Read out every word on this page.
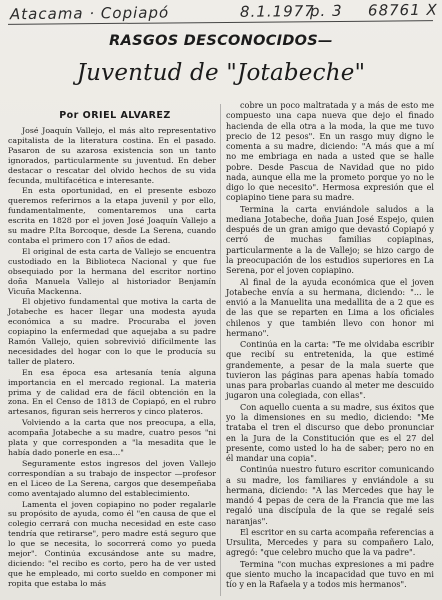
Atacama · Copiapó	8.1.1977
p. 3 68761 X
RASGOS DESCONOCIDOS—
Juventud de "Jotabeche"
Por ORIEL ALVAREZ

José Joaquín Vallejo, el más alto representativo capitalista de la literatura costina. En el pasado. Pasaron de su azarosa existencia son un tanto ignorados, particularmente su juventud. En deber destacar o rescatar del olvido hechos de su vida fecunda, multifacética e interesante.

En esta oportunidad, en el presente esbozo queremos referirnos a la etapa juvenil y por ello, fundamentalmente, comentaremos una carta escrita en 1828 por el joven José Joaquín Vallejo a su madre P.Ita Borcoque, desde La Serena, cuando contaba el primero con 17 años de edad.

El original de esta carta de Vallejo se encuentra custodiado en la Biblioteca Nacional y que fue obsequiado por la hermana del escritor nortino doña Manuela Vallejo al historiador Benjamín Vicuña Mackenna.

El objetivo fundamental que motiva la carta de Jotabeche es hacer llegar una modesta ayuda económica a su madre. Procuraba el joven copiapino la enfermedad que aquejaba a su padre Ramón Vallejo, quien sobrevivió difícilmente las necesidades del hogar con lo que le producía su taller de platero.

En esa época esa artesanía tenía alguna importancia en el mercado regional. La materia prima y de calidad era de fácil obtención en la zona. En el Censo de 1813 de Copiapó, en el rubro artesanos, figuran seis herreros y cinco plateros.

Volviendo a la carta que nos preocupa, a ella, acompaña Jotabeche a su madre, cuatro pesos "ni plata y que corresponden a "la mesadita que le había dado ponerle en esa..."

Seguramente estos ingresos del joven Vallejo correspondían a su trabajo de inspector —profesor en el Liceo de La Serena, cargos que desempeñaba como aventajado alumno del establecimiento.

Lamenta el joven copiapino no poder regalarle su propósito de ayuda, como él "en causa de que el colegio cerrará con mucha necesidad en este caso tendría que retirarse", pero madre está seguro que lo que se necesita, lo socorrerá como yo pueda mejor". Continúa excusándose ante su madre, diciendo: "el recibo es corto, pero ha de ver usted que he empleado, mi corto sueldo en componer mi ropita que estaba lo más

cobre un poco maltratada y a más de esto me compuesto una capa nueva que dejo el finado hacienda de ella otra a la moda, la que me tuvo precio de 12 pesos". En un rasgo muy digno le comenta a su madre, diciendo: "A más que a mí no me embriaga en nada a usted que se halle pobre. Desde Pascua de Navidad que no pido nada, aunque ella me la prometo porque yo no le digo lo que necesito". Hermosa expresión que el copiapino tiene para su madre.

Termina la carta enviándole saludos a la mediana Jotabeche, doña Juan José Espejo, quien después de un gran amigo que devastó Copiapó y cerró de muchas familias copiapinas, particularmente a la de Vallejo; se hizo cargo de la preocupación de los estudios superiores en La Serena, por el joven copiapino.

Al final de la ayuda económica que el joven Jotabeche envía a su hermana, diciendo: "... le envió a la Manuelita una medallita de a 2 que es de las que se reparten en Lima a los oficiales chilenos y que también llevo con honor mi hermano".

Continúa en la carta: "Te me olvidaba escribir que recibí su entretenida, la que estimé grandemente, a pesar de la mala suerte que tuvieron las páginas para apenas había tomado unas para probarlas cuando al meter me descuido jugaron una colegiada, con ellas".

Con aquello cuenta a su madre, sus éxitos que yo la dimensiones en su medio, diciendo: "Me trataba el tren el discurso que debo pronunciar en la Jura de la Constitución que es el 27 del presente, como usted lo ha de saber; pero no en él mandar una copia".

Continúa nuestro futuro escritor comunicando a su madre, los familiares y enviándole a su hermana, diciendo: "A las Mercedes que hay le mandó 4 pepas de cera de la Francia que me las regaló una discípula de la que se regalé seis naranjas".

El escritor en su carta acompaña referencias a Ursulita, Mercedes y para su compañero Lalo, agregó: "que celebro mucho que la va padre".

Termina "con muchas expresiones a mi padre que siento mucho la incapacidad que tuvo en mi tío y en la Rafaela y a todos mis hermanos".
